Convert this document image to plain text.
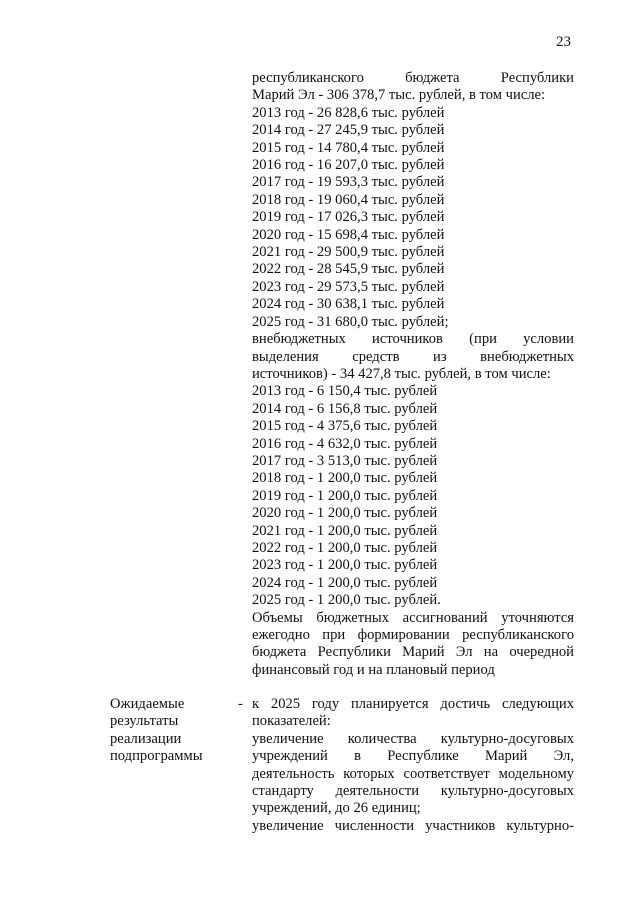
23

республиканского бюджета Республики

Марий Эл - 306 378,7 тыс. рублей, в том числе:

2013 год - 26 828,6 тыс. рублей

2014 год - 27 245,9 тыс. рублей

2015 год - 14 780,4 тыс. рублей

2016 год - 16 207,0 тыс. рублей

2017 год - 19 593,3 тыс. рублей

2018 год - 19 060,4 тыс. рублей

2019 год - 17 026,3 тыс. рублей

2020 год - 15 698,4 тыс. рублей

2021 год - 29 500,9 тыс. рублей

2022 год - 28 545,9 тыс. рублей

2023 год - 29 573,5 тыс. рублей

2024 год - 30 638,1 тыс. рублей

2025 год - 31 680,0 тыс. рублей;

внебюджетных источников (при условии

выделения средств из внебюджетных

источников) - 34 427,8 тыс. рублей, в том числе:

2013 год - 6 150,4 тыс. рублей

2014 год - 6 156,8 тыс. рублей

2015 год - 4 375,6 тыс. рублей

2016 год - 4 632,0 тыс. рублей

2017 год - 3 513,0 тыс. рублей

2018 год - 1 200,0 тыс. рублей

2019 год - 1 200,0 тыс. рублей

2020 год - 1 200,0 тыс. рублей

2021 год - 1 200,0 тыс. рублей

2022 год - 1 200,0 тыс. рублей

2023 год - 1 200,0 тыс. рублей

2024 год - 1 200,0 тыс. рублей

2025 год - 1 200,0 тыс. рублей.

Объемы бюджетных ассигнований уточняются

ежегодно при формировании республиканского

бюджета Республики Марий Эл на очередной

финансовый год и на плановый период

Ожидаемые

результаты

реализации

подпрограммы

- к 2025 году планируется достичь следующих

показателей:

увеличение количества культурно-досуговых

учреждений в Республике Марий Эл,

деятельность которых соответствует модельному

стандарту деятельности культурно-досуговых

учреждений, до 26 единиц;

увеличение численности участников культурно-
